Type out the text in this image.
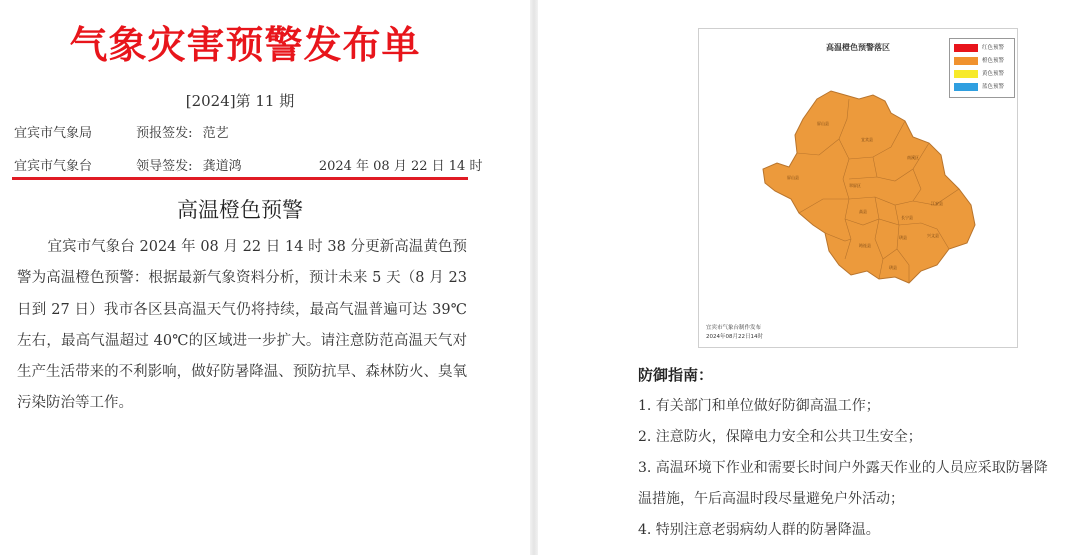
气象灾害预警发布单
[2024]第 11 期
宜宾市气象局	预报签发: 范艺
宜宾市气象台	领导签发: 龚道鸿	2024 年 08 月 22 日 14 时
高温橙色预警

宜宾市气象台 2024 年 08 月 22 日 14 时 38 分更新高温黄色预警为高温橙色预警：根据最新气象资料分析，预计未来 5 天（8 月 23 日到 27 日）我市各区县高温天气仍将持续，最高气温普遍可达 39℃左右，最高气温超过 40℃的区域进一步扩大。请注意防范高温天气对生产生活带来的不利影响，做好防暑降温、预防抗旱、森林防火、臭氧污染防治等工作。

高温橙色预警落区
屏山县
宜宾县
屏山县
翠屏区
南溪区
江安县
高县
长宁县
筠连县
珙县	兴文县
珙县
红色预警
橙色预警
黄色预警
蓝色预警
宜宾市气象台制作发布
2024年08月22日14时
防御指南：
1. 有关部门和单位做好防御高温工作；
2. 注意防火，保障电力安全和公共卫生安全；
3. 高温环境下作业和需要长时间户外露天作业的人员应采取防暑降温措施，午后高温时段尽量避免户外活动；
4. 特别注意老弱病幼人群的防暑降温。
